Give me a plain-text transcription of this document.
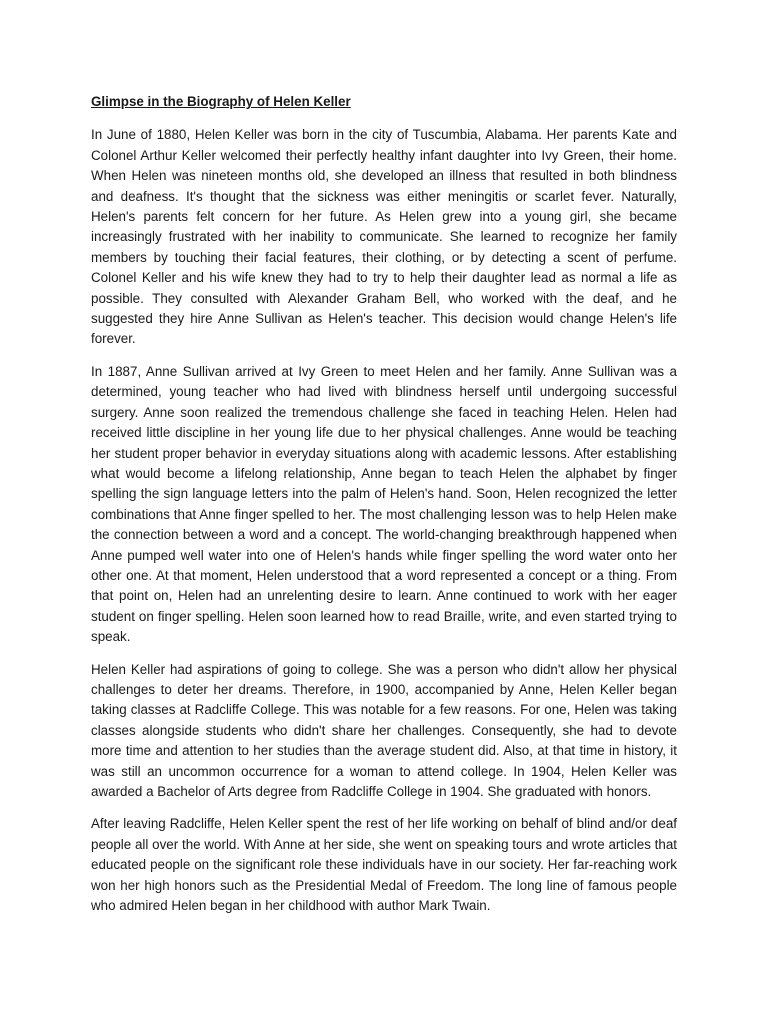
Glimpse in the Biography of Helen Keller

In June of 1880, Helen Keller was born in the city of Tuscumbia, Alabama. Her parents Kate and Colonel Arthur Keller welcomed their perfectly healthy infant daughter into Ivy Green, their home. When Helen was nineteen months old, she developed an illness that resulted in both blindness and deafness. It's thought that the sickness was either meningitis or scarlet fever. Naturally, Helen's parents felt concern for her future. As Helen grew into a young girl, she became increasingly frustrated with her inability to communicate. She learned to recognize her family members by touching their facial features, their clothing, or by detecting a scent of perfume. Colonel Keller and his wife knew they had to try to help their daughter lead as normal a life as possible. They consulted with Alexander Graham Bell, who worked with the deaf, and he suggested they hire Anne Sullivan as Helen's teacher. This decision would change Helen's life forever.

In 1887, Anne Sullivan arrived at Ivy Green to meet Helen and her family. Anne Sullivan was a determined, young teacher who had lived with blindness herself until undergoing successful surgery. Anne soon realized the tremendous challenge she faced in teaching Helen. Helen had received little discipline in her young life due to her physical challenges. Anne would be teaching her student proper behavior in everyday situations along with academic lessons. After establishing what would become a lifelong relationship, Anne began to teach Helen the alphabet by finger spelling the sign language letters into the palm of Helen's hand. Soon, Helen recognized the letter combinations that Anne finger spelled to her. The most challenging lesson was to help Helen make the connection between a word and a concept. The world-changing breakthrough happened when Anne pumped well water into one of Helen's hands while finger spelling the word water onto her other one. At that moment, Helen understood that a word represented a concept or a thing. From that point on, Helen had an unrelenting desire to learn. Anne continued to work with her eager student on finger spelling. Helen soon learned how to read Braille, write, and even started trying to speak.

Helen Keller had aspirations of going to college. She was a person who didn't allow her physical challenges to deter her dreams. Therefore, in 1900, accompanied by Anne, Helen Keller began taking classes at Radcliffe College. This was notable for a few reasons. For one, Helen was taking classes alongside students who didn't share her challenges. Consequently, she had to devote more time and attention to her studies than the average student did. Also, at that time in history, it was still an uncommon occurrence for a woman to attend college. In 1904, Helen Keller was awarded a Bachelor of Arts degree from Radcliffe College in 1904. She graduated with honors.

After leaving Radcliffe, Helen Keller spent the rest of her life working on behalf of blind and/or deaf people all over the world. With Anne at her side, she went on speaking tours and wrote articles that educated people on the significant role these individuals have in our society. Her far-reaching work won her high honors such as the Presidential Medal of Freedom. The long line of famous people who admired Helen began in her childhood with author Mark Twain.
